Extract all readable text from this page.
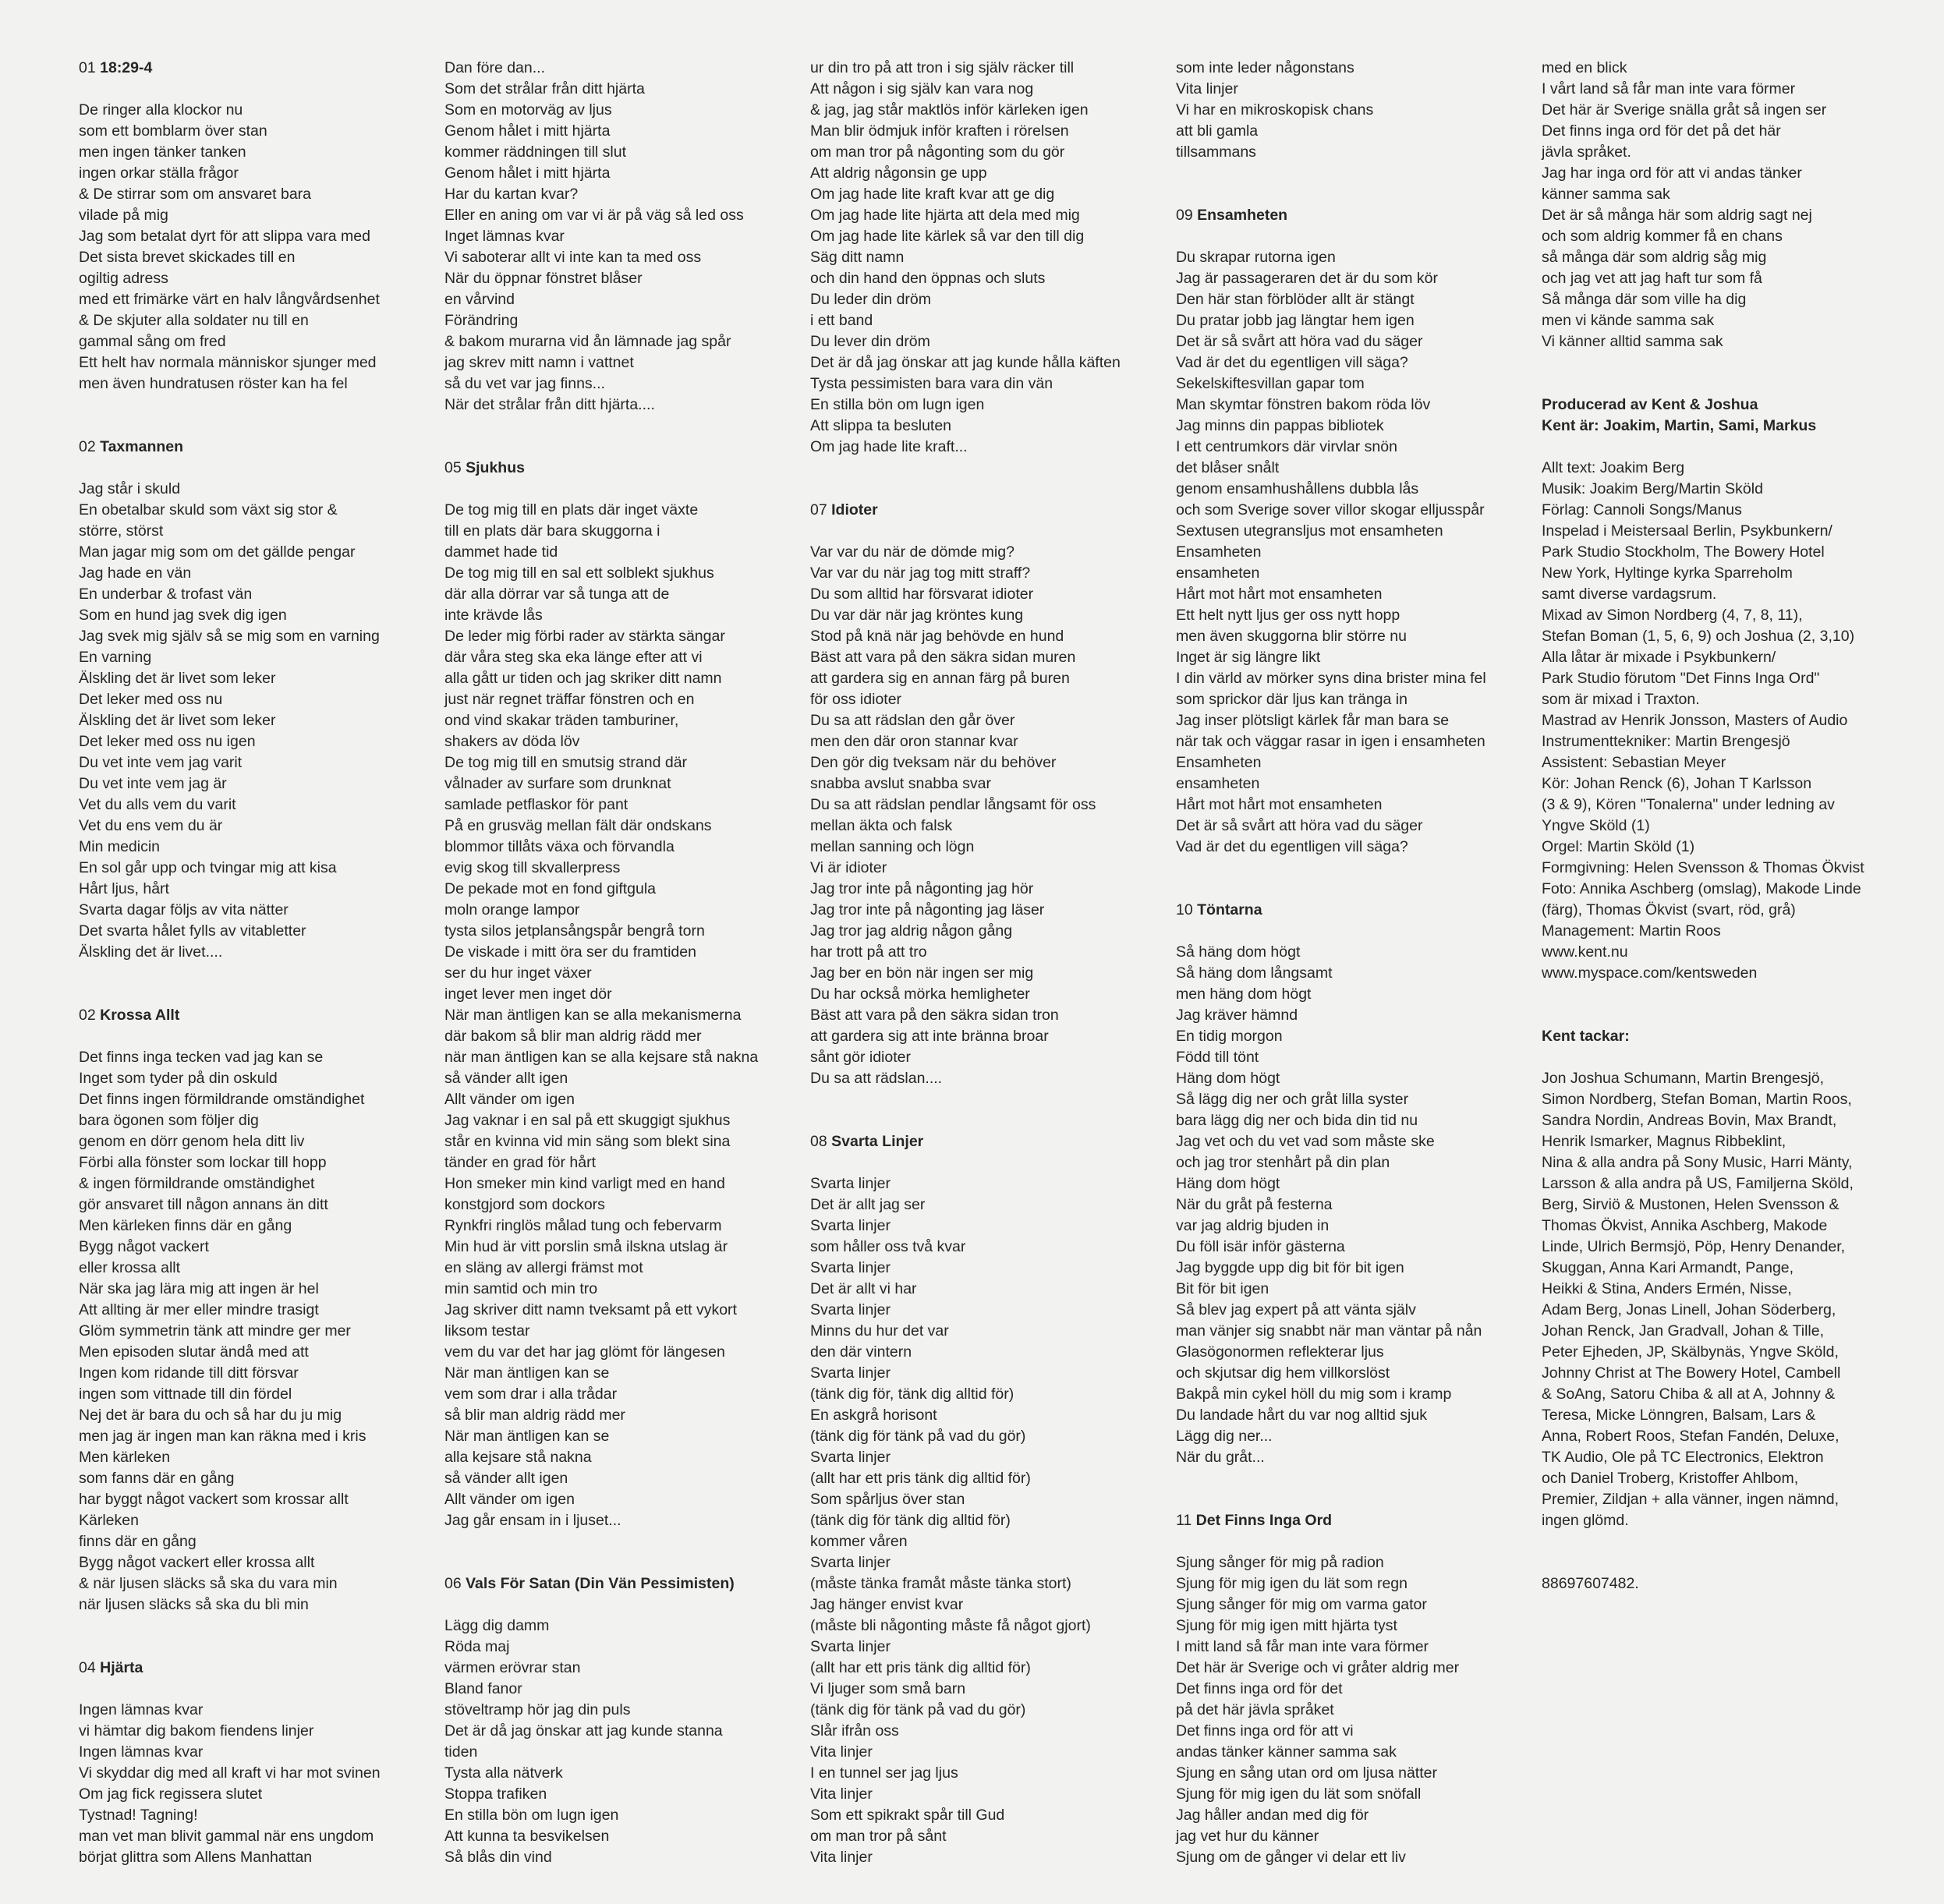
01 18:29-4
De ringer alla klockor nu
som ett bomblarm över stan
men ingen tänker tanken
ingen orkar ställa frågor
& De stirrar som om ansvaret bara
vilade på mig
Jag som betalat dyrt för att slippa vara med
Det sista brevet skickades till en
ogiltig adress
med ett frimärke värt en halv långvårdsenhet
& De skjuter alla soldater nu till en
gammal sång om fred
Ett helt hav normala människor sjunger med
men även hundratusen röster kan ha fel
02 Taxmannen
Jag står i skuld
En obetalbar skuld som växt sig stor &
större, störst
Man jagar mig som om det gällde pengar
Jag hade en vän
En underbar & trofast vän
Som en hund jag svek dig igen
Jag svek mig själv så se mig som en varning
En varning
Älskling det är livet som leker
Det leker med oss nu
Älskling det är livet som leker
Det leker med oss nu igen
Du vet inte vem jag varit
Du vet inte vem jag är
Vet du alls vem du varit
Vet du ens vem du är
Min medicin
En sol går upp och tvingar mig att kisa
Hårt ljus, hårt
Svarta dagar följs av vita nätter
Det svarta hålet fylls av vitabletter
Älskling det är livet....
02 Krossa Allt
Det finns inga tecken vad jag kan se
Inget som tyder på din oskuld
Det finns ingen förmildrande omständighet
bara ögonen som följer dig
genom en dörr genom hela ditt liv
Förbi alla fönster som lockar till hopp
& ingen förmildrande omständighet
gör ansvaret till någon annans än ditt
Men kärleken finns där en gång
Bygg något vackert
eller krossa allt
När ska jag lära mig att ingen är hel
Att allting är mer eller mindre trasigt
Glöm symmetrin tänk att mindre ger mer
Men episoden slutar ändå med att
Ingen kom ridande till ditt försvar
ingen som vittnade till din fördel
Nej det är bara du och så har du ju mig
men jag är ingen man kan räkna med i kris
Men kärleken
som fanns där en gång
har byggt något vackert som krossar allt
Kärleken
finns där en gång
Bygg något vackert eller krossa allt
& när ljusen släcks så ska du vara min
när ljusen släcks så ska du bli min
04 Hjärta
Ingen lämnas kvar
vi hämtar dig bakom fiendens linjer
Ingen lämnas kvar
Vi skyddar dig med all kraft vi har mot svinen
Om jag fick regissera slutet
Tystnad! Tagning!
man vet man blivit gammal när ens ungdom
börjat glittra som Allens Manhattan
Dan före dan...
Som det strålar från ditt hjärta
Som en motorväg av ljus
Genom hålet i mitt hjärta
kommer räddningen till slut
Genom hålet i mitt hjärta
Har du kartan kvar?
Eller en aning om var vi är på väg så led oss
Inget lämnas kvar
Vi saboterar allt vi inte kan ta med oss
När du öppnar fönstret blåser
en vårvind
Förändring
& bakom murarna vid ån lämnade jag spår
jag skrev mitt namn i vattnet
så du vet var jag finns...
När det strålar från ditt hjärta....
05 Sjukhus
De tog mig till en plats där inget växte
till en plats där bara skuggorna i
dammet hade tid
De tog mig till en sal ett solblekt sjukhus
där alla dörrar var så tunga att de
inte krävde lås
De leder mig förbi rader av stärkta sängar
där våra steg ska eka länge efter att vi
alla gått ur tiden och jag skriker ditt namn
just när regnet träffar fönstren och en
ond vind skakar träden tamburiner,
shakers av döda löv
De tog mig till en smutsig strand där
vålnader av surfare som drunknat
samlade petflaskor för pant
På en grusväg mellan fält där ondskans
blommor tillåts växa och förvandla
evig skog till skvallerpress
De pekade mot en fond giftgula
moln orange lampor
tysta silos jetplansångspår bengrå torn
De viskade i mitt öra ser du framtiden
ser du hur inget växer
inget lever men inget dör
När man äntligen kan se alla mekanismerna
där bakom så blir man aldrig rädd mer
när man äntligen kan se alla kejsare stå nakna
så vänder allt igen
Allt vänder om igen
Jag vaknar i en sal på ett skuggigt sjukhus
står en kvinna vid min säng som blekt sina
tänder en grad för hårt
Hon smeker min kind varligt med en hand
konstgjord som dockors
Rynkfri ringlös målad tung och febervarm
Min hud är vitt porslin små ilskna utslag är
en släng av allergi främst mot
min samtid och min tro
Jag skriver ditt namn tveksamt på ett vykort
liksom testar
vem du var det har jag glömt för längesen
När man äntligen kan se
vem som drar i alla trådar
så blir man aldrig rädd mer
När man äntligen kan se
alla kejsare stå nakna
så vänder allt igen
Allt vänder om igen
Jag går ensam in i ljuset...
06 Vals För Satan (Din Vän Pessimisten)
Lägg dig damm
Röda maj
värmen erövrar stan
Bland fanor
stöveltramp hör jag din puls
Det är då jag önskar att jag kunde stanna
tiden
Tysta alla nätverk
Stoppa trafiken
En stilla bön om lugn igen
Att kunna ta besvikelsen
Så blås din vind
ur din tro på att tron i sig själv räcker till
Att någon i sig själv kan vara nog
& jag, jag står maktlös inför kärleken igen
Man blir ödmjuk inför kraften i rörelsen
om man tror på någonting som du gör
Att aldrig någonsin ge upp
Om jag hade lite kraft kvar att ge dig
Om jag hade lite hjärta att dela med mig
Om jag hade lite kärlek så var den till dig
Säg ditt namn
och din hand den öppnas och sluts
Du leder din dröm
i ett band
Du lever din dröm
Det är då jag önskar att jag kunde hålla käften
Tysta pessimisten bara vara din vän
En stilla bön om lugn igen
Att slippa ta besluten
Om jag hade lite kraft...
07 Idioter
Var var du när de dömde mig?
Var var du när jag tog mitt straff?
Du som alltid har försvarat idioter
Du var där när jag kröntes kung
Stod på knä när jag behövde en hund
Bäst att vara på den säkra sidan muren
att gardera sig en annan färg på buren
för oss idioter
Du sa att rädslan den går över
men den där oron stannar kvar
Den gör dig tveksam när du behöver
snabba avslut snabba svar
Du sa att rädslan pendlar långsamt för oss
mellan äkta och falsk
mellan sanning och lögn
Vi är idioter
Jag tror inte på någonting jag hör
Jag tror inte på någonting jag läser
Jag tror jag aldrig någon gång
har trott på att tro
Jag ber en bön när ingen ser mig
Du har också mörka hemligheter
Bäst att vara på den säkra sidan tron
att gardera sig att inte bränna broar
sånt gör idioter
Du sa att rädslan....
08 Svarta Linjer
Svarta linjer
Det är allt jag ser
Svarta linjer
som håller oss två kvar
Svarta linjer
Det är allt vi har
Svarta linjer
Minns du hur det var
den där vintern
Svarta linjer
(tänk dig för, tänk dig alltid för)
En askgrå horisont
(tänk dig för tänk på vad du gör)
Svarta linjer
(allt har ett pris tänk dig alltid för)
Som spårljus över stan
(tänk dig för tänk dig alltid för)
kommer våren
Svarta linjer
(måste tänka framåt måste tänka stort)
Jag hänger envist kvar
(måste bli någonting måste få något gjort)
Svarta linjer
(allt har ett pris tänk dig alltid för)
Vi ljuger som små barn
(tänk dig för tänk på vad du gör)
Slår ifrån oss
Vita linjer
I en tunnel ser jag ljus
Vita linjer
Som ett spikrakt spår till Gud
om man tror på sånt
Vita linjer
som inte leder någonstans
Vita linjer
Vi har en mikroskopisk chans
att bli gamla
tillsammans
09 Ensamheten
Du skrapar rutorna igen
Jag är passageraren det är du som kör
Den här stan förblöder allt är stängt
Du pratar jobb jag längtar hem igen
Det är så svårt att höra vad du säger
Vad är det du egentligen vill säga?
Sekelskiftesvillan gapar tom
Man skymtar fönstren bakom röda löv
Jag minns din pappas bibliotek
I ett centrumkors där virvlar snön
det blåser snålt
genom ensamhushållens dubbla lås
och som Sverige sover villor skogar elljusspår
Sextusen utegransljus mot ensamheten
Ensamheten
ensamheten
Hårt mot hårt mot ensamheten
Ett helt nytt ljus ger oss nytt hopp
men även skuggorna blir större nu
Inget är sig längre likt
I din värld av mörker syns dina brister mina fel
som sprickor där ljus kan tränga in
Jag inser plötsligt kärlek får man bara se
när tak och väggar rasar in igen i ensamheten
Ensamheten
ensamheten
Hårt mot hårt mot ensamheten
Det är så svårt att höra vad du säger
Vad är det du egentligen vill säga?
10 Töntarna
Så häng dom högt
Så häng dom långsamt
men häng dom högt
Jag kräver hämnd
En tidig morgon
Född till tönt
Häng dom högt
Så lägg dig ner och gråt lilla syster
bara lägg dig ner och bida din tid nu
Jag vet och du vet vad som måste ske
och jag tror stenhårt på din plan
Häng dom högt
När du gråt på festerna
var jag aldrig bjuden in
Du föll isär inför gästerna
Jag byggde upp dig bit för bit igen
Bit för bit igen
Så blev jag expert på att vänta själv
man vänjer sig snabbt när man väntar på nån
Glasögonormen reflekterar ljus
och skjutsar dig hem villkorslöst
Bakpå min cykel höll du mig som i kramp
Du landade hårt du var nog alltid sjuk
Lägg dig ner...
När du gråt...
11 Det Finns Inga Ord
Sjung sånger för mig på radion
Sjung för mig igen du lät som regn
Sjung sånger för mig om varma gator
Sjung för mig igen mitt hjärta tyst
I mitt land så får man inte vara förmer
Det här är Sverige och vi gråter aldrig mer
Det finns inga ord för det
på det här jävla språket
Det finns inga ord för att vi
andas tänker känner samma sak
Sjung en sång utan ord om ljusa nätter
Sjung för mig igen du lät som snöfall
Jag håller andan med dig för
jag vet hur du känner
Sjung om de gånger vi delar ett liv
med en blick
I vårt land så får man inte vara förmer
Det här är Sverige snälla gråt så ingen ser
Det finns inga ord för det på det här
jävla språket.
Jag har inga ord för att vi andas tänker
känner samma sak
Det är så många här som aldrig sagt nej
och som aldrig kommer få en chans
så många där som aldrig såg mig
och jag vet att jag haft tur som få
Så många där som ville ha dig
men vi kände samma sak
Vi känner alltid samma sak
Producerad av Kent & Joshua
Kent är: Joakim, Martin, Sami, Markus
Allt text: Joakim Berg
Musik: Joakim Berg/Martin Sköld
Förlag: Cannoli Songs/Manus
Inspelad i Meistersaal Berlin, Psykbunkern/
Park Studio Stockholm, The Bowery Hotel
New York, Hyltinge kyrka Sparreholm
samt diverse vardagsrum.
Mixad av Simon Nordberg (4, 7, 8, 11),
Stefan Boman (1, 5, 6, 9) och Joshua (2, 3,10)
Alla låtar är mixade i Psykbunkern/
Park Studio förutom "Det Finns Inga Ord"
som är mixad i Traxton.
Mastrad av Henrik Jonsson, Masters of Audio
Instrumenttekniker: Martin Brengesjö
Assistent: Sebastian Meyer
Kör: Johan Renck (6), Johan T Karlsson
(3 & 9), Kören "Tonalerna" under ledning av
Yngve Sköld (1)
Orgel: Martin Sköld (1)
Formgivning: Helen Svensson & Thomas Ökvist
Foto: Annika Aschberg (omslag), Makode Linde
(färg), Thomas Ökvist (svart, röd, grå)
Management: Martin Roos
www.kent.nu
www.myspace.com/kentsweden
Kent tackar:
Jon Joshua Schumann, Martin Brengesjö,
Simon Nordberg, Stefan Boman, Martin Roos,
Sandra Nordin, Andreas Bovin, Max Brandt,
Henrik Ismarker, Magnus Ribbeklint,
Nina & alla andra på Sony Music, Harri Mänty,
Larsson & alla andra på US, Familjerna Sköld,
Berg, Sirviö & Mustonen, Helen Svensson &
Thomas Ökvist, Annika Aschberg, Makode
Linde, Ulrich Bermsjö, Pöp, Henry Denander,
Skuggan, Anna Kari Armandt, Pange,
Heikki & Stina, Anders Ermén, Nisse,
Adam Berg, Jonas Linell, Johan Söderberg,
Johan Renck, Jan Gradvall, Johan & Tille,
Peter Ejheden, JP, Skälbynäs, Yngve Sköld,
Johnny Christ at The Bowery Hotel, Cambell
& SoAng, Satoru Chiba & all at A, Johnny &
Teresa, Micke Lönngren, Balsam, Lars &
Anna, Robert Roos, Stefan Fandén, Deluxe,
TK Audio, Ole på TC Electronics, Elektron
och Daniel Troberg, Kristoffer Ahlbom,
Premier, Zildjan + alla vänner, ingen nämnd,
ingen glömd.
88697607482.
